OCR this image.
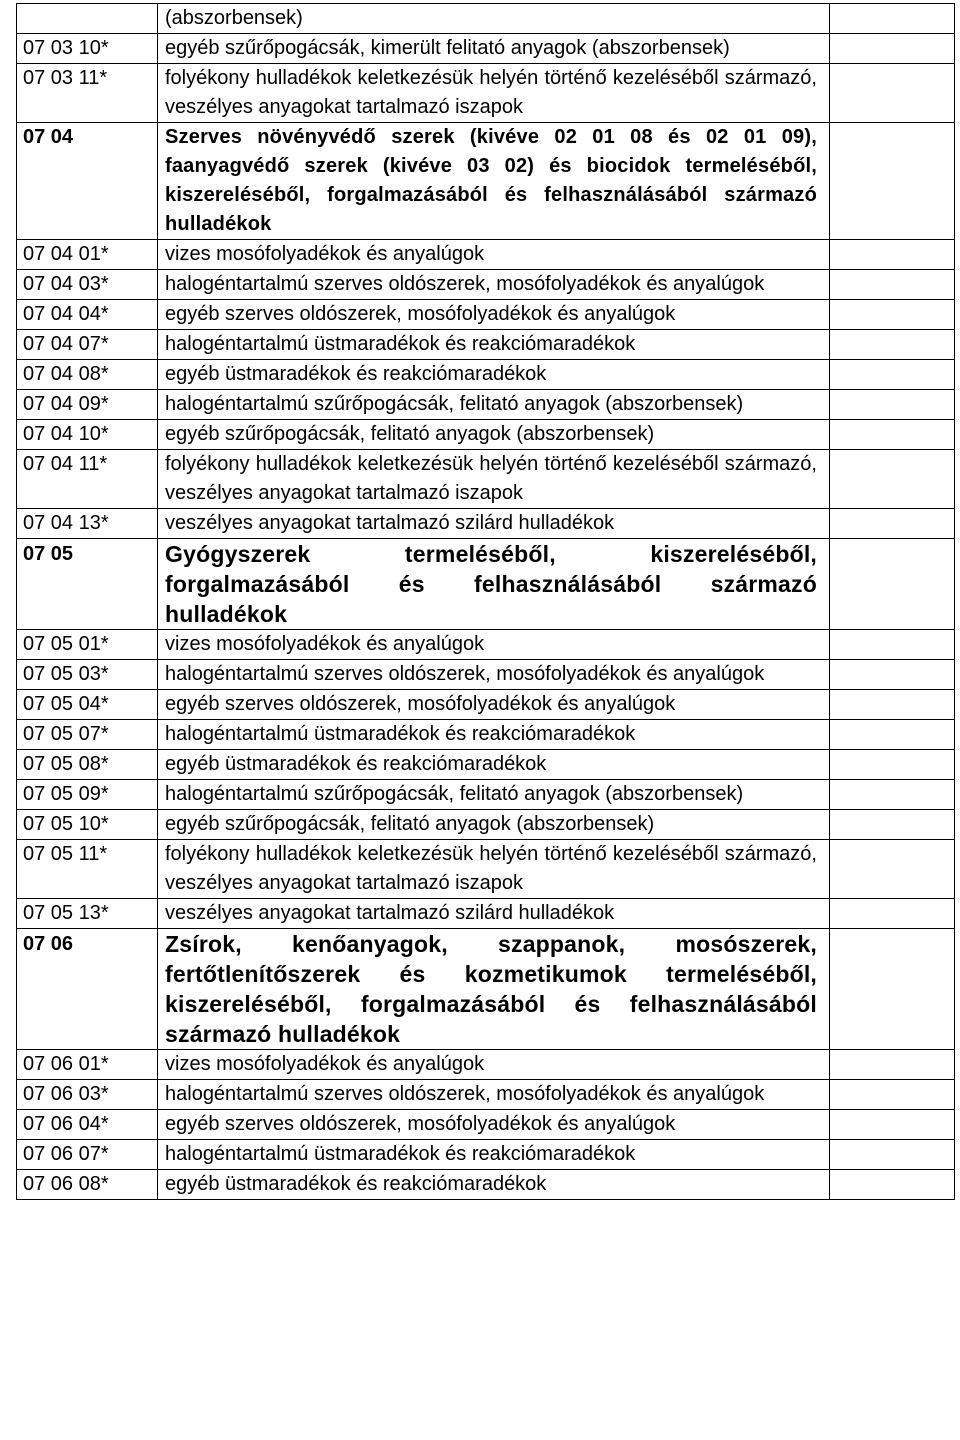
	(abszorbensek)	
07 03 10*	egyéb szűrőpogácsák, kimerült felitató anyagok (abszorbensek)	
07 03 11*	folyékony hulladékok keletkezésük helyén történő kezeléséből származó, veszélyes anyagokat tartalmazó iszapok	
07 04	Szerves növényvédő szerek (kivéve 02 01 08 és 02 01 09), faanyagvédő szerek (kivéve 03 02) és biocidok termeléséből, kiszereléséből, forgalmazásából és felhasználásából származó hulladékok	
07 04 01*	vizes mosófolyadékok és anyalúgok	
07 04 03*	halogéntartalmú szerves oldószerek, mosófolyadékok és anyalúgok	
07 04 04*	egyéb szerves oldószerek, mosófolyadékok és anyalúgok	
07 04 07*	halogéntartalmú üstmaradékok és reakciómaradékok	
07 04 08*	egyéb üstmaradékok és reakciómaradékok	
07 04 09*	halogéntartalmú szűrőpogácsák, felitató anyagok (abszorbensek)	
07 04 10*	egyéb szűrőpogácsák, felitató anyagok (abszorbensek)	
07 04 11*	folyékony hulladékok keletkezésük helyén történő kezeléséből származó, veszélyes anyagokat tartalmazó iszapok	
07 04 13*	veszélyes anyagokat tartalmazó szilárd hulladékok	
07 05	Gyógyszerek termeléséből, kiszereléséből, forgalmazásából és felhasználásából származó hulladékok	
07 05 01*	vizes mosófolyadékok és anyalúgok	
07 05 03*	halogéntartalmú szerves oldószerek, mosófolyadékok és anyalúgok	
07 05 04*	egyéb szerves oldószerek, mosófolyadékok és anyalúgok	
07 05 07*	halogéntartalmú üstmaradékok és reakciómaradékok	
07 05 08*	egyéb üstmaradékok és reakciómaradékok	
07 05 09*	halogéntartalmú szűrőpogácsák, felitató anyagok (abszorbensek)	
07 05 10*	egyéb szűrőpogácsák, felitató anyagok (abszorbensek)	
07 05 11*	folyékony hulladékok keletkezésük helyén történő kezeléséből származó, veszélyes anyagokat tartalmazó iszapok	
07 05 13*	veszélyes anyagokat tartalmazó szilárd hulladékok	
07 06	Zsírok, kenőanyagok, szappanok, mosószerek, fertőtlenítőszerek és kozmetikumok termeléséből, kiszereléséből, forgalmazásából és felhasználásából származó hulladékok	
07 06 01*	vizes mosófolyadékok és anyalúgok	
07 06 03*	halogéntartalmú szerves oldószerek, mosófolyadékok és anyalúgok	
07 06 04*	egyéb szerves oldószerek, mosófolyadékok és anyalúgok	
07 06 07*	halogéntartalmú üstmaradékok és reakciómaradékok	
07 06 08*	egyéb üstmaradékok és reakciómaradékok	
